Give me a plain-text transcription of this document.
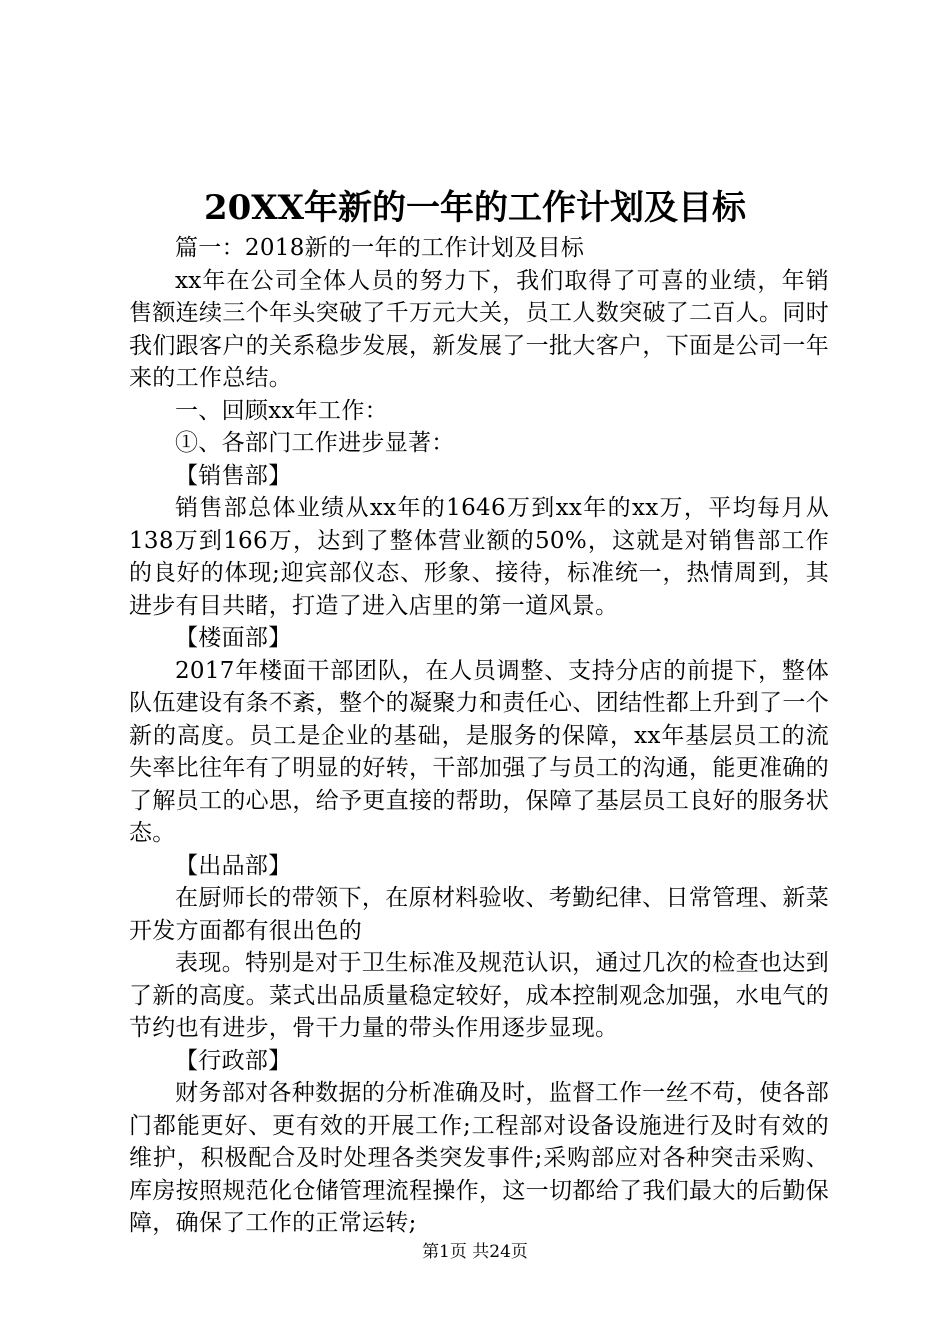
20XX年新的一年的工作计划及目标

篇一：2018新的一年的工作计划及目标

xx年在公司全体人员的努力下，我们取得了可喜的业绩，年销售额连续三个年头突破了千万元大关，员工人数突破了二百人。同时我们跟客户的关系稳步发展，新发展了一批大客户，下面是公司一年来的工作总结。

一、回顾xx年工作：

①、各部门工作进步显著：

【销售部】

销售部总体业绩从xx年的1646万到xx年的xx万，平均每月从138万到166万，达到了整体营业额的50%，这就是对销售部工作的良好的体现;迎宾部仪态、形象、接待，标准统一，热情周到，其进步有目共睹，打造了进入店里的第一道风景。

【楼面部】

2017年楼面干部团队，在人员调整、支持分店的前提下，整体队伍建设有条不紊，整个的凝聚力和责任心、团结性都上升到了一个新的高度。员工是企业的基础，是服务的保障，xx年基层员工的流失率比往年有了明显的好转，干部加强了与员工的沟通，能更准确的了解员工的心思，给予更直接的帮助，保障了基层员工良好的服务状态。

【出品部】

在厨师长的带领下，在原材料验收、考勤纪律、日常管理、新菜开发方面都有很出色的

表现。特别是对于卫生标准及规范认识，通过几次的检查也达到了新的高度。菜式出品质量稳定较好，成本控制观念加强，水电气的节约也有进步，骨干力量的带头作用逐步显现。

【行政部】

财务部对各种数据的分析准确及时，监督工作一丝不苟，使各部门都能更好、更有效的开展工作;工程部对设备设施进行及时有效的维护，积极配合及时处理各类突发事件;采购部应对各种突击采购、库房按照规范化仓储管理流程操作，这一切都给了我们最大的后勤保障，确保了工作的正常运转;

第1页 共24页
